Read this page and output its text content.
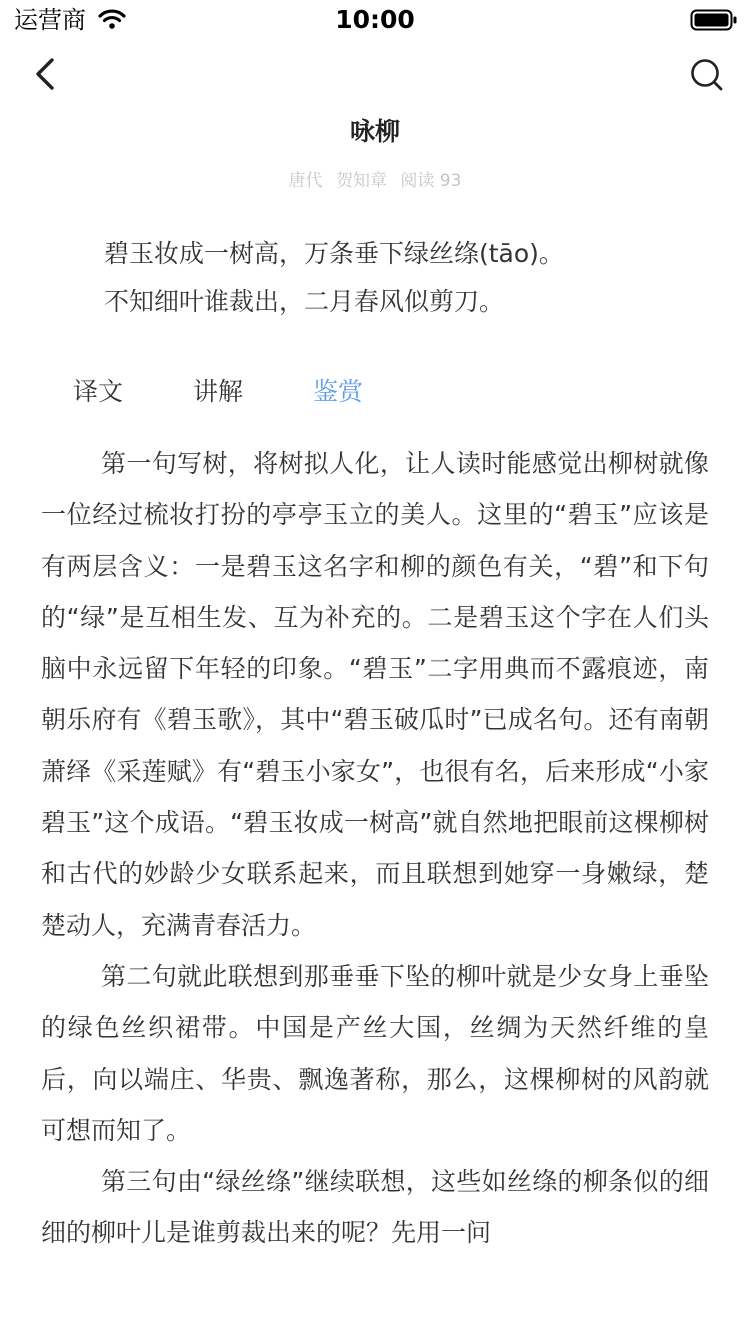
运营商	10:00
咏柳
唐代 贺知章 阅读 93
碧玉妆成一树高，万条垂下绿丝绦(tāo)。
不知细叶谁裁出，二月春风似剪刀。
译文	讲解	鉴赏

第一句写树，将树拟人化，让人读时能感觉出柳树就像一位经过梳妆打扮的亭亭玉立的美人。这里的“碧玉”应该是有两层含义：一是碧玉这名字和柳的颜色有关，“碧”和下句的“绿”是互相生发、互为补充的。二是碧玉这个字在人们头脑中永远留下年轻的印象。“碧玉”二字用典而不露痕迹，南朝乐府有《碧玉歌》，其中“碧玉破瓜时”已成名句。还有南朝萧绎《采莲赋》有“碧玉小家女”，也很有名，后来形成“小家碧玉”这个成语。“碧玉妆成一树高”就自然地把眼前这棵柳树和古代的妙龄少女联系起来，而且联想到她穿一身嫩绿，楚楚动人，充满青春活力。

第二句就此联想到那垂垂下坠的柳叶就是少女身上垂坠的绿色丝织裙带。中国是产丝大国，丝绸为天然纤维的皇后，向以端庄、华贵、飘逸著称，那么，这棵柳树的风韵就可想而知了。

第三句由“绿丝绦”继续联想，这些如丝绦的柳条似的细细的柳叶儿是谁剪裁出来的呢？先用一问
